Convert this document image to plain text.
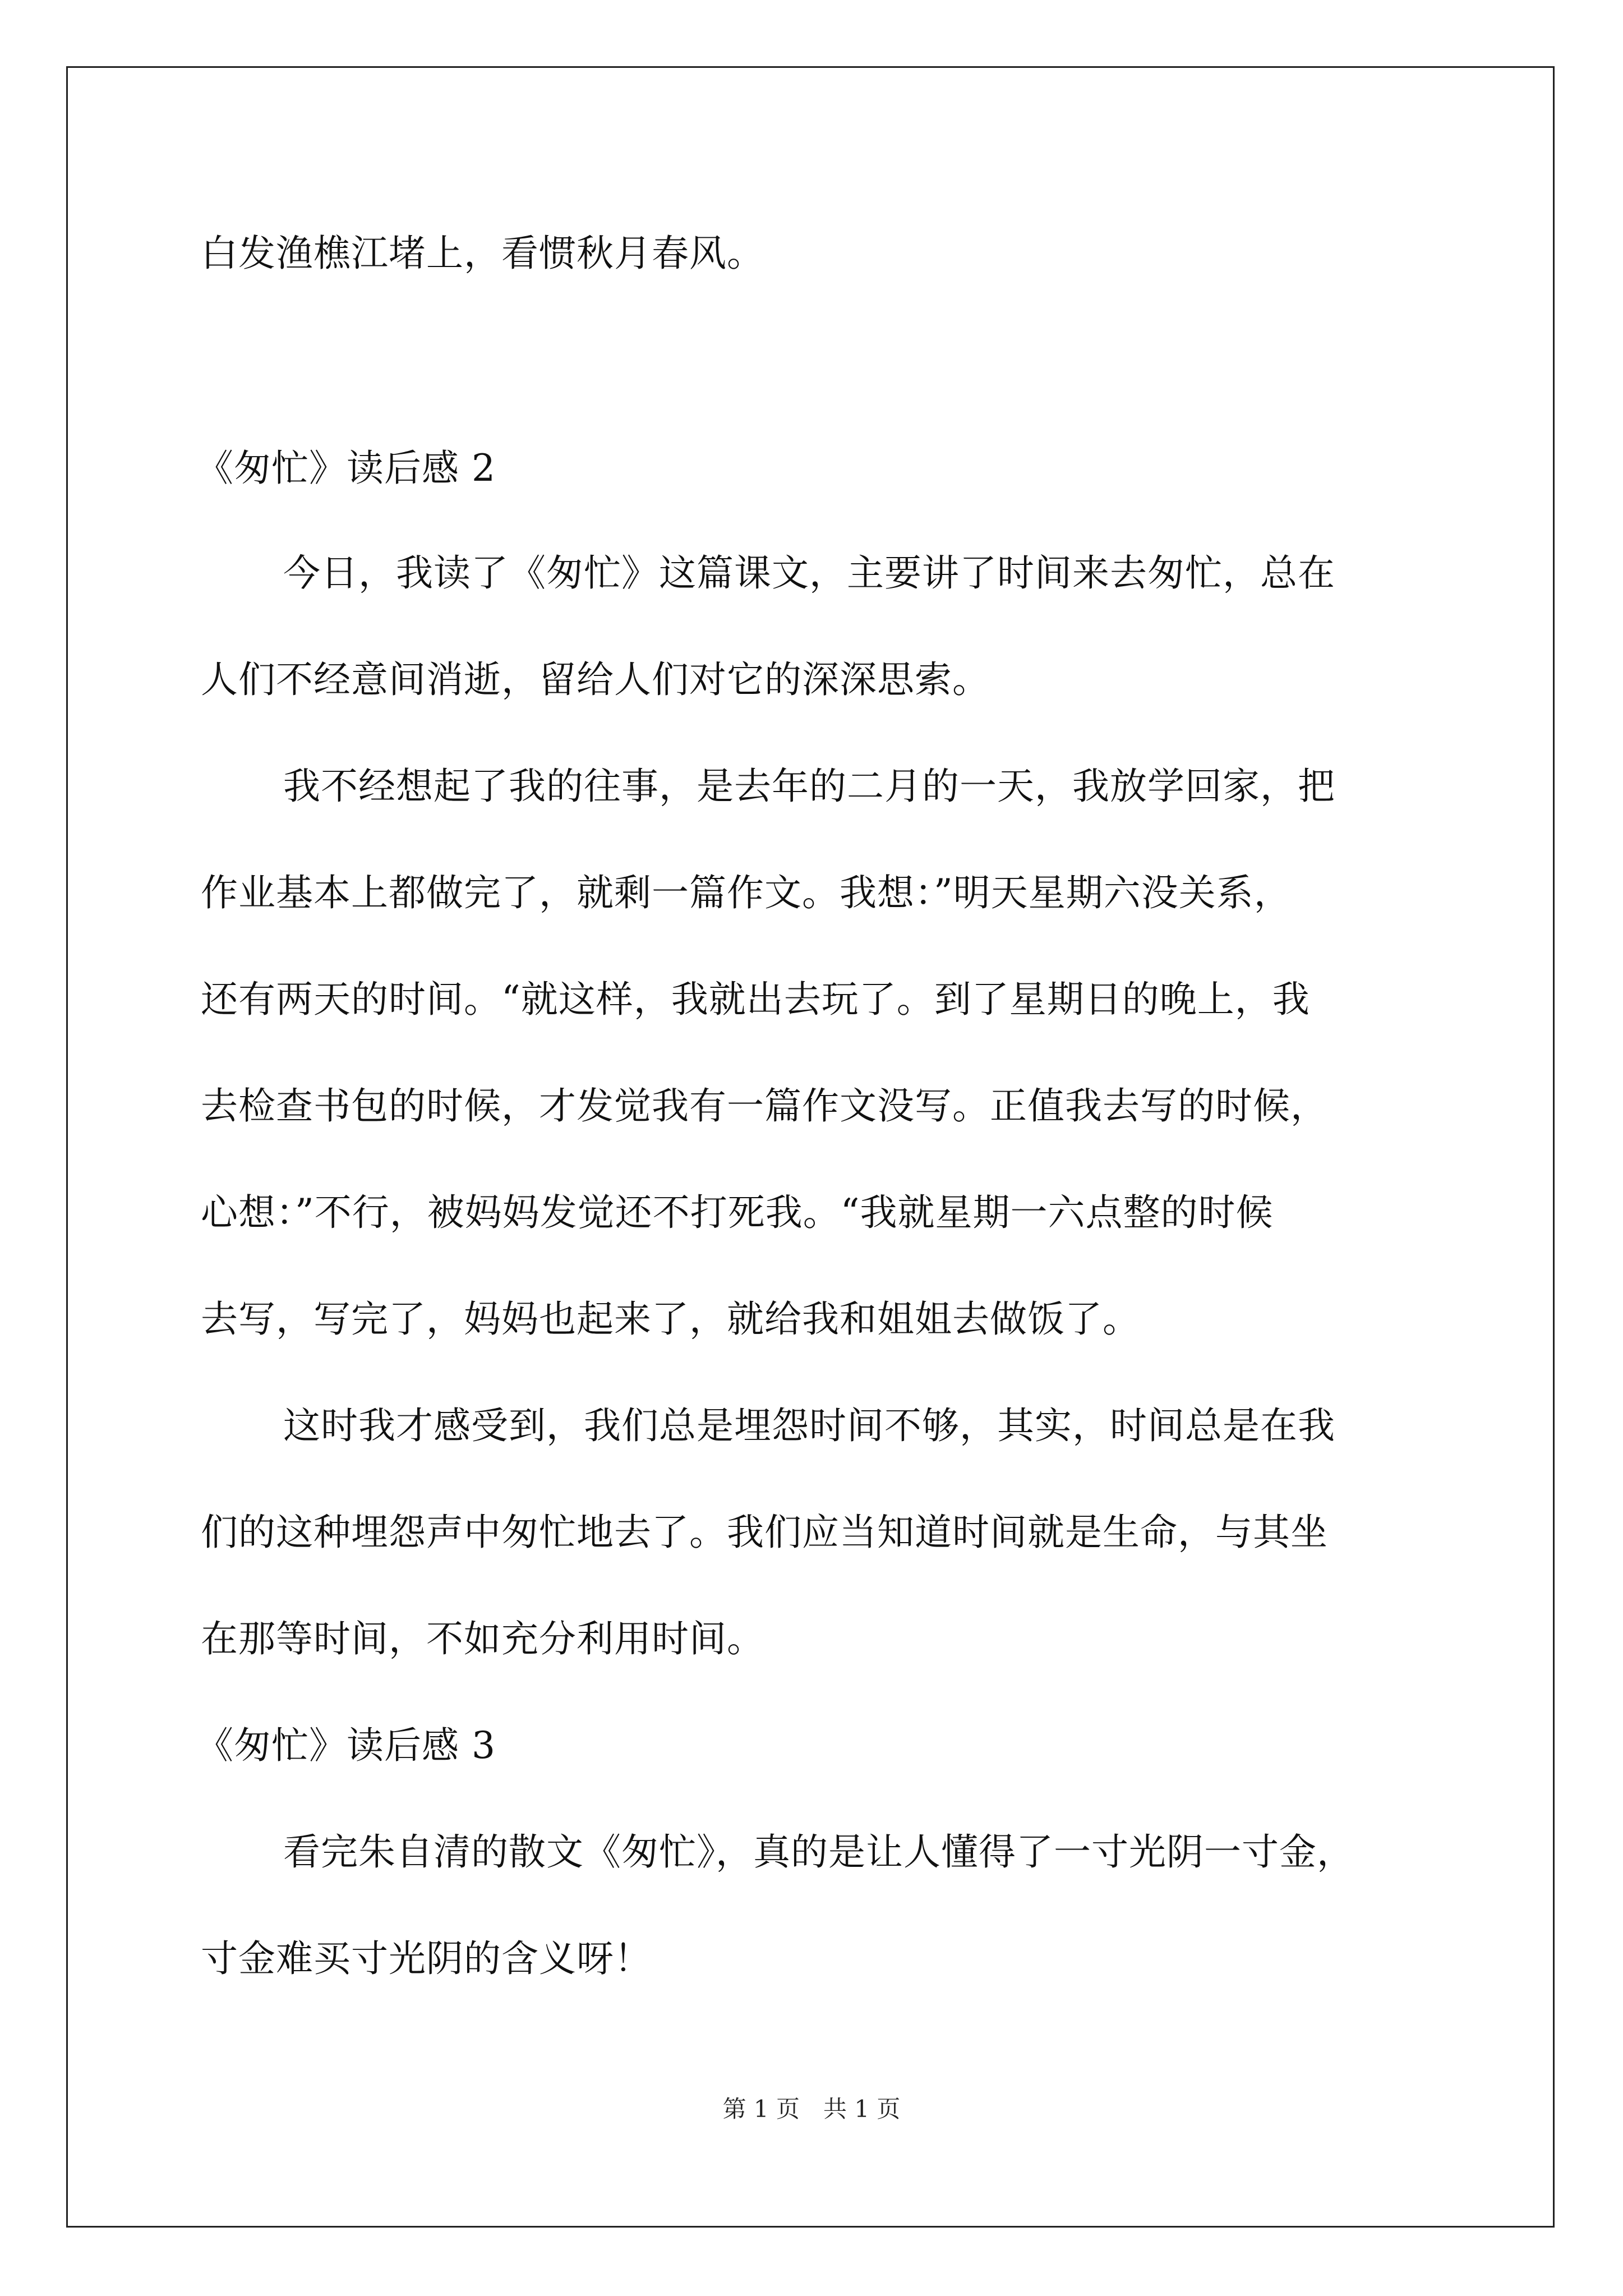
白发渔樵江堵上，看惯秋月春风。
《匆忙》读后感 2
今日，我读了《匆忙》这篇课文，主要讲了时间来去匆忙，总在
人们不经意间消逝，留给人们对它的深深思索。
我不经想起了我的往事，是去年的二月的一天，我放学回家，把
作业基本上都做完了，就剩一篇作文。我想：”明天星期六没关系，
还有两天的时间。“就这样，我就出去玩了。到了星期日的晚上，我
去检查书包的时候，才发觉我有一篇作文没写。正值我去写的时候，
心想：”不行，被妈妈发觉还不打死我。“我就星期一六点整的时候
去写，写完了，妈妈也起来了，就给我和姐姐去做饭了。
这时我才感受到，我们总是埋怨时间不够，其实，时间总是在我
们的这种埋怨声中匆忙地去了。我们应当知道时间就是生命，与其坐
在那等时间，不如充分利用时间。
《匆忙》读后感 3
看完朱自清的散文《匆忙》，真的是让人懂得了一寸光阴一寸金，
寸金难买寸光阴的含义呀！
第 1 页　共 1 页
